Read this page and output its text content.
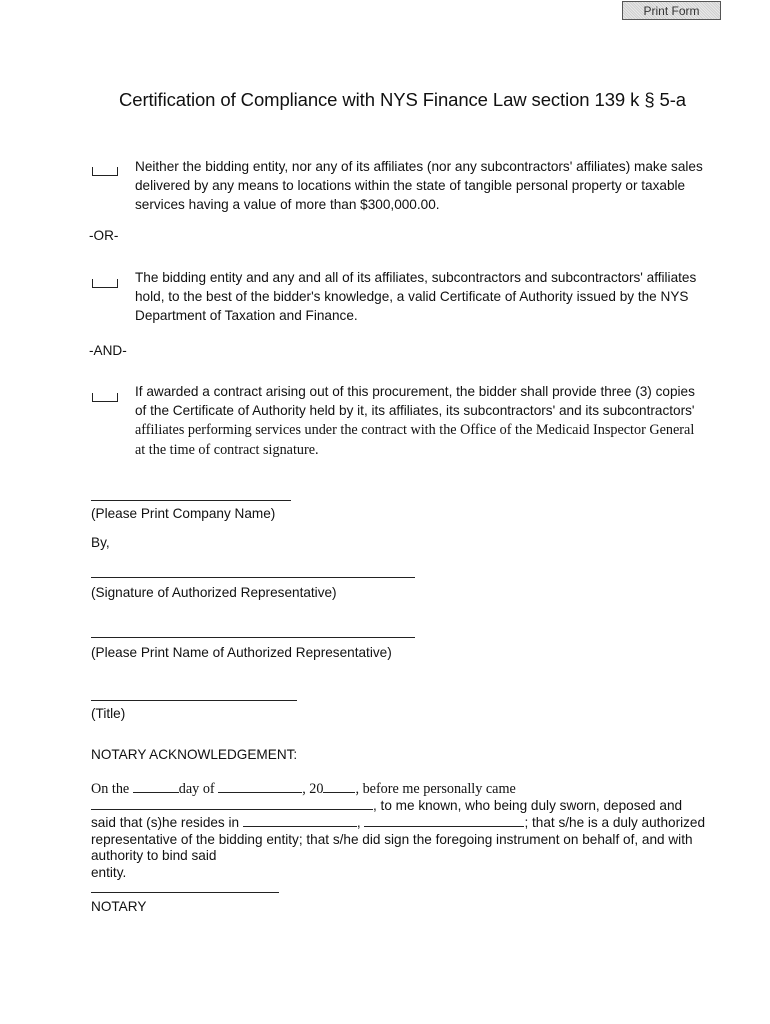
Print Form
Certification of Compliance with NYS Finance Law section 139 k § 5-a
Neither the bidding entity, nor any of its affiliates (nor any subcontractors' affiliates) make sales delivered by any means to locations within the state of tangible personal property or taxable services having a value of more than $300,000.00.
-OR-
The bidding entity and any and all of its affiliates, subcontractors and subcontractors' affiliates hold, to the best of the bidder's knowledge, a valid Certificate of Authority issued by the NYS Department of Taxation and Finance.
-AND-
If awarded a contract arising out of this procurement, the bidder shall provide three (3) copies of the Certificate of Authority held by it, its affiliates, its subcontractors' and its subcontractors' affiliates performing services under the contract with the Office of the Medicaid Inspector General at the time of contract signature.
(Please Print Company Name)
By,
(Signature of Authorized Representative)
(Please Print Name of Authorized Representative)
(Title)
NOTARY ACKNOWLEDGEMENT:
On the	day of	, 20 , before me personally came
, to me known, who being duly sworn, deposed and
said that (s)he resides in	,	; that s/he is a duly authorized
representative of the bidding entity; that s/he did sign the foregoing instrument on behalf of, and with
authority to bind said
entity.
NOTARY
